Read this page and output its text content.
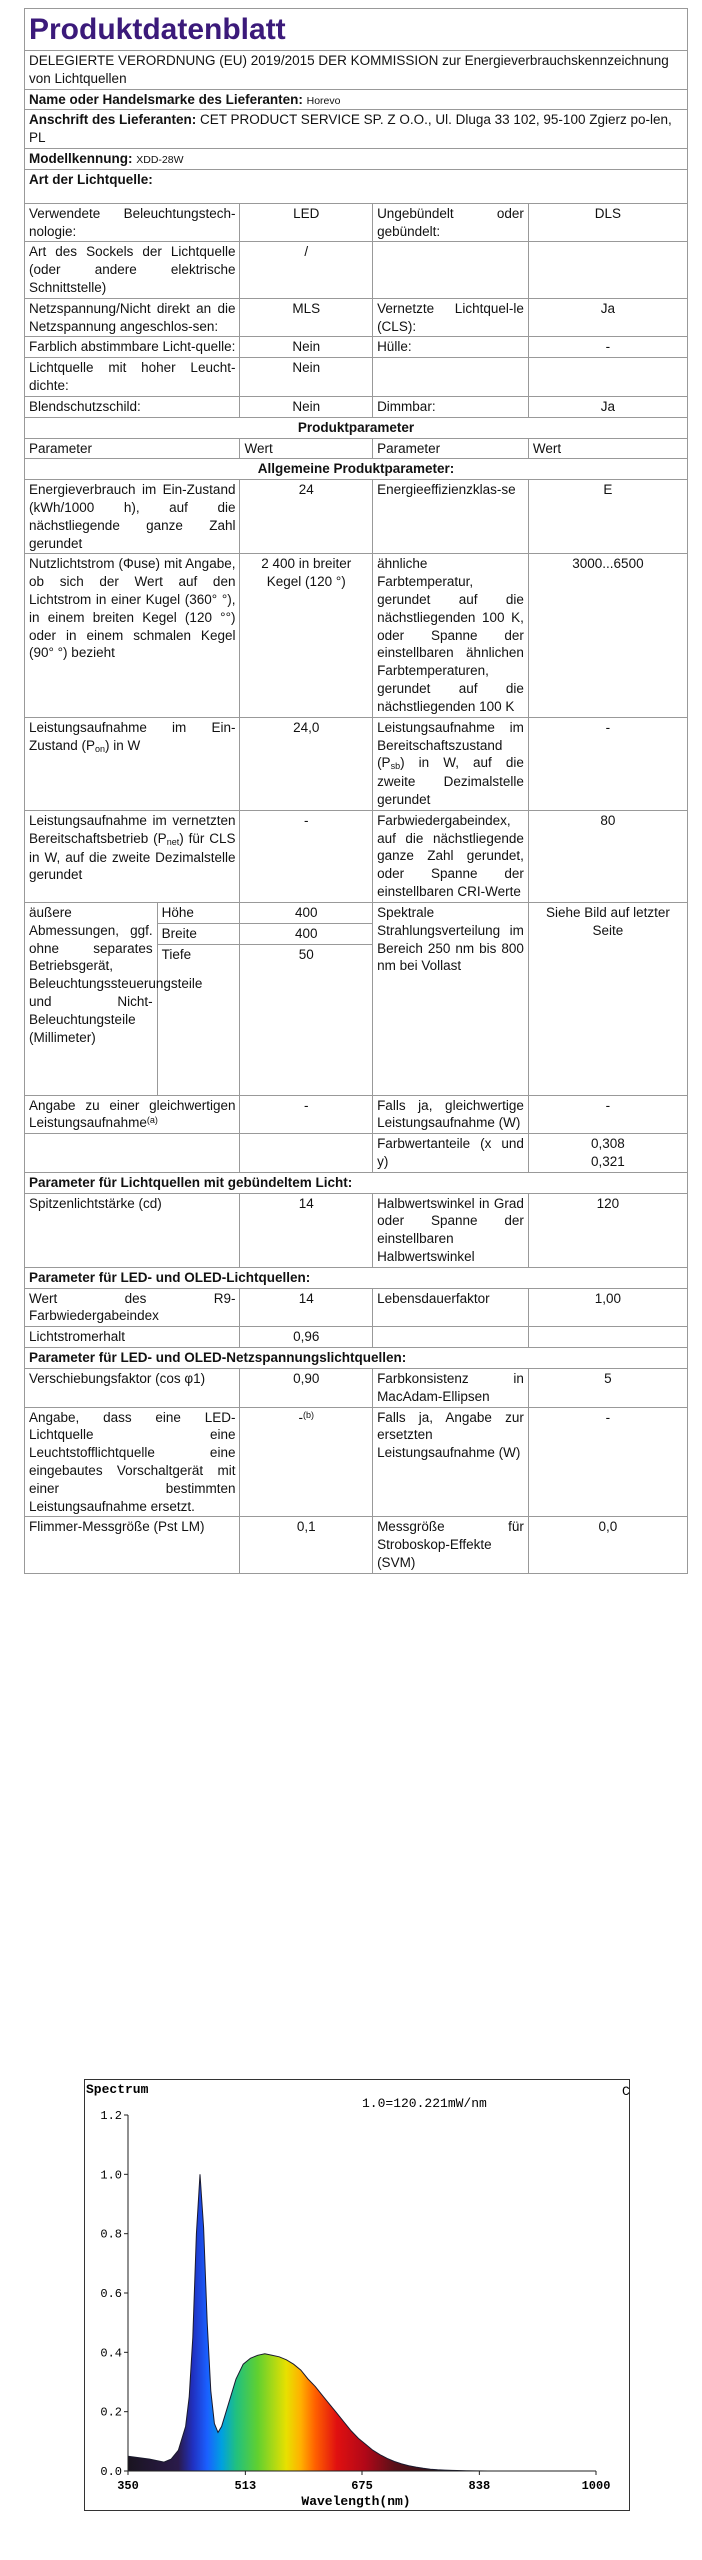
Produktdatenblatt
DELEGIERTE VERORDNUNG (EU) 2019/2015 DER KOMMISSION zur Energieverbrauchskennzeichnung von Lichtquellen				
Name oder Handelsmarke des Lieferanten: Horevo				
Anschrift des Lieferanten: CET PRODUCT SERVICE SP. Z O.O., Ul. Dluga 33 102, 95-100 Zgierz po-len, PL				
Modellkennung: XDD-28W				
Art der Lichtquelle:				
Verwendete Beleuchtungstech-nologie:		LED	Ungebündelt oder gebündelt:	DLS
Art des Sockels der Lichtquelle (oder andere elektrische Schnittstelle)		/		
Netzspannung/Nicht direkt an die Netzspannung angeschlos-sen:		MLS	Vernetzte Lichtquel-le (CLS):	Ja
Farblich abstimmbare Licht-quelle:		Nein	Hülle:	-
Lichtquelle mit hoher Leucht-dichte:		Nein		
Blendschutzschild:		Nein	Dimmbar:	Ja
Produktparameter				
Parameter		Wert	Parameter	Wert
Allgemeine Produktparameter:				
Energieverbrauch im Ein-Zustand (kWh/1000 h), auf die nächstliegende ganze Zahl gerundet		24	Energieeffizienzklas-se	E
Nutzlichtstrom (Φuse) mit Angabe, ob sich der Wert auf den Lichtstrom in einer Kugel (360° °), in einem breiten Kegel (120 °°) oder in einem schmalen Kegel (90° °) bezieht		2 400 in breiter Kegel (120 °)	ähnliche Farbtemperatur, gerundet auf die nächstliegenden 100 K, oder Spanne der einstellbaren ähnlichen Farbtemperaturen, gerundet auf die nächstliegenden 100 K	3000...6500
Leistungsaufnahme im Ein-Zustand $(P_{on})$ in W		24,0	Leistungsaufnahme im Bereitschaftszustand $(P_{sb})$ in W, auf die zweite Dezimalstelle gerundet	-
Leistungsaufnahme im vernetzten Bereitschaftsbetrieb $(P_{net})$ für CLS in W, auf die zweite Dezimalstelle gerundet		-	Farbwiedergabeindex, auf die nächstliegende ganze Zahl gerundet, oder Spanne der einstellbaren CRI-Werte	80
äußere Abmessungen, ggf. ohne separates Betriebsgerät, Beleuchtungssteuerungsteile und Nicht-Beleuchtungsteile (Millimeter)	Höhe	400	Spektrale Strahlungsverteilung im Bereich 250 nm bis 800 nm bei Vollast	Siehe Bild auf letzter Seite
	Breite	400		
	Tiefe	50		
Angabe zu einer gleichwertigen Leistungsaufnahme$^{(a)}$		-	Falls ja, gleichwertige Leistungsaufnahme (W)	-
			Farbwertanteile (x und y)	0,308
0,321

Parameter für Lichtquellen mit gebündeltem Licht:				
Spitzenlichtstärke (cd)		14	Halbwertswinkel in Grad oder Spanne der einstellbaren Halbwertswinkel	120
Parameter für LED- und OLED-Lichtquellen:				
Wert des R9-Farbwiedergabeindex		14	Lebensdauerfaktor	1,00
Lichtstromerhalt		0,96		
Parameter für LED- und OLED-Netzspannungslichtquellen:				
Verschiebungsfaktor (cos φ1)		0,90	Farbkonsistenz in MacAdam-Ellipsen	5
Angabe, dass eine LED-Lichtquelle eine Leuchtstofflichtquelle eine eingebautes Vorschaltgerät mit einer bestimmten Leistungsaufnahme ersetzt.		-$^{(b)}$	Falls ja, Angabe zur ersetzten Leistungsaufnahme (W)	-
Flimmer-Messgröße (Pst LM)		0,1	Messgröße für Stroboskop-Effekte (SVM)	0,0
Spectrum
1.0=120.221mW/nm
C
Wavelength(nm)
0.0
0.2
0.4
0.6
0.8
1.0
1.2
350	513	675	838	1000
